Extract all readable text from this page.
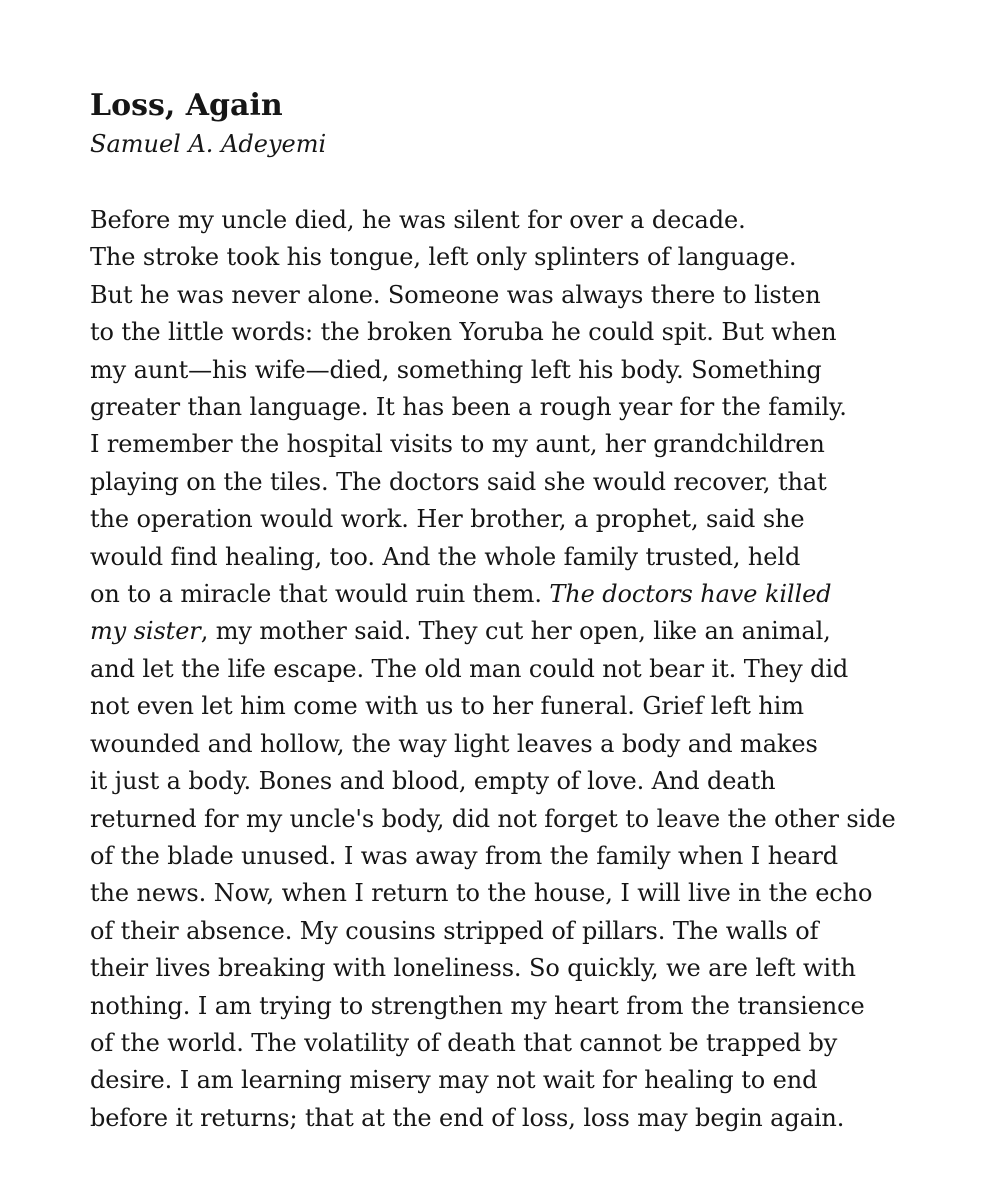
Loss, Again
Samuel A. Adeyemi
Before my uncle died, he was silent for over a decade.
The stroke took his tongue, left only splinters of language.
But he was never alone. Someone was always there to listen
to the little words: the broken Yoruba he could spit. But when
my aunt—his wife—died, something left his body. Something
greater than language. It has been a rough year for the family.
I remember the hospital visits to my aunt, her grandchildren
playing on the tiles. The doctors said she would recover, that
the operation would work. Her brother, a prophet, said she
would find healing, too. And the whole family trusted, held
on to a miracle that would ruin them. The doctors have killed
my sister, my mother said. They cut her open, like an animal,
and let the life escape. The old man could not bear it. They did
not even let him come with us to her funeral. Grief left him
wounded and hollow, the way light leaves a body and makes
it just a body. Bones and blood, empty of love. And death
returned for my uncle's body, did not forget to leave the other side
of the blade unused. I was away from the family when I heard
the news. Now, when I return to the house, I will live in the echo
of their absence. My cousins stripped of pillars. The walls of
their lives breaking with loneliness. So quickly, we are left with
nothing. I am trying to strengthen my heart from the transience
of the world. The volatility of death that cannot be trapped by
desire. I am learning misery may not wait for healing to end
before it returns; that at the end of loss, loss may begin again.
